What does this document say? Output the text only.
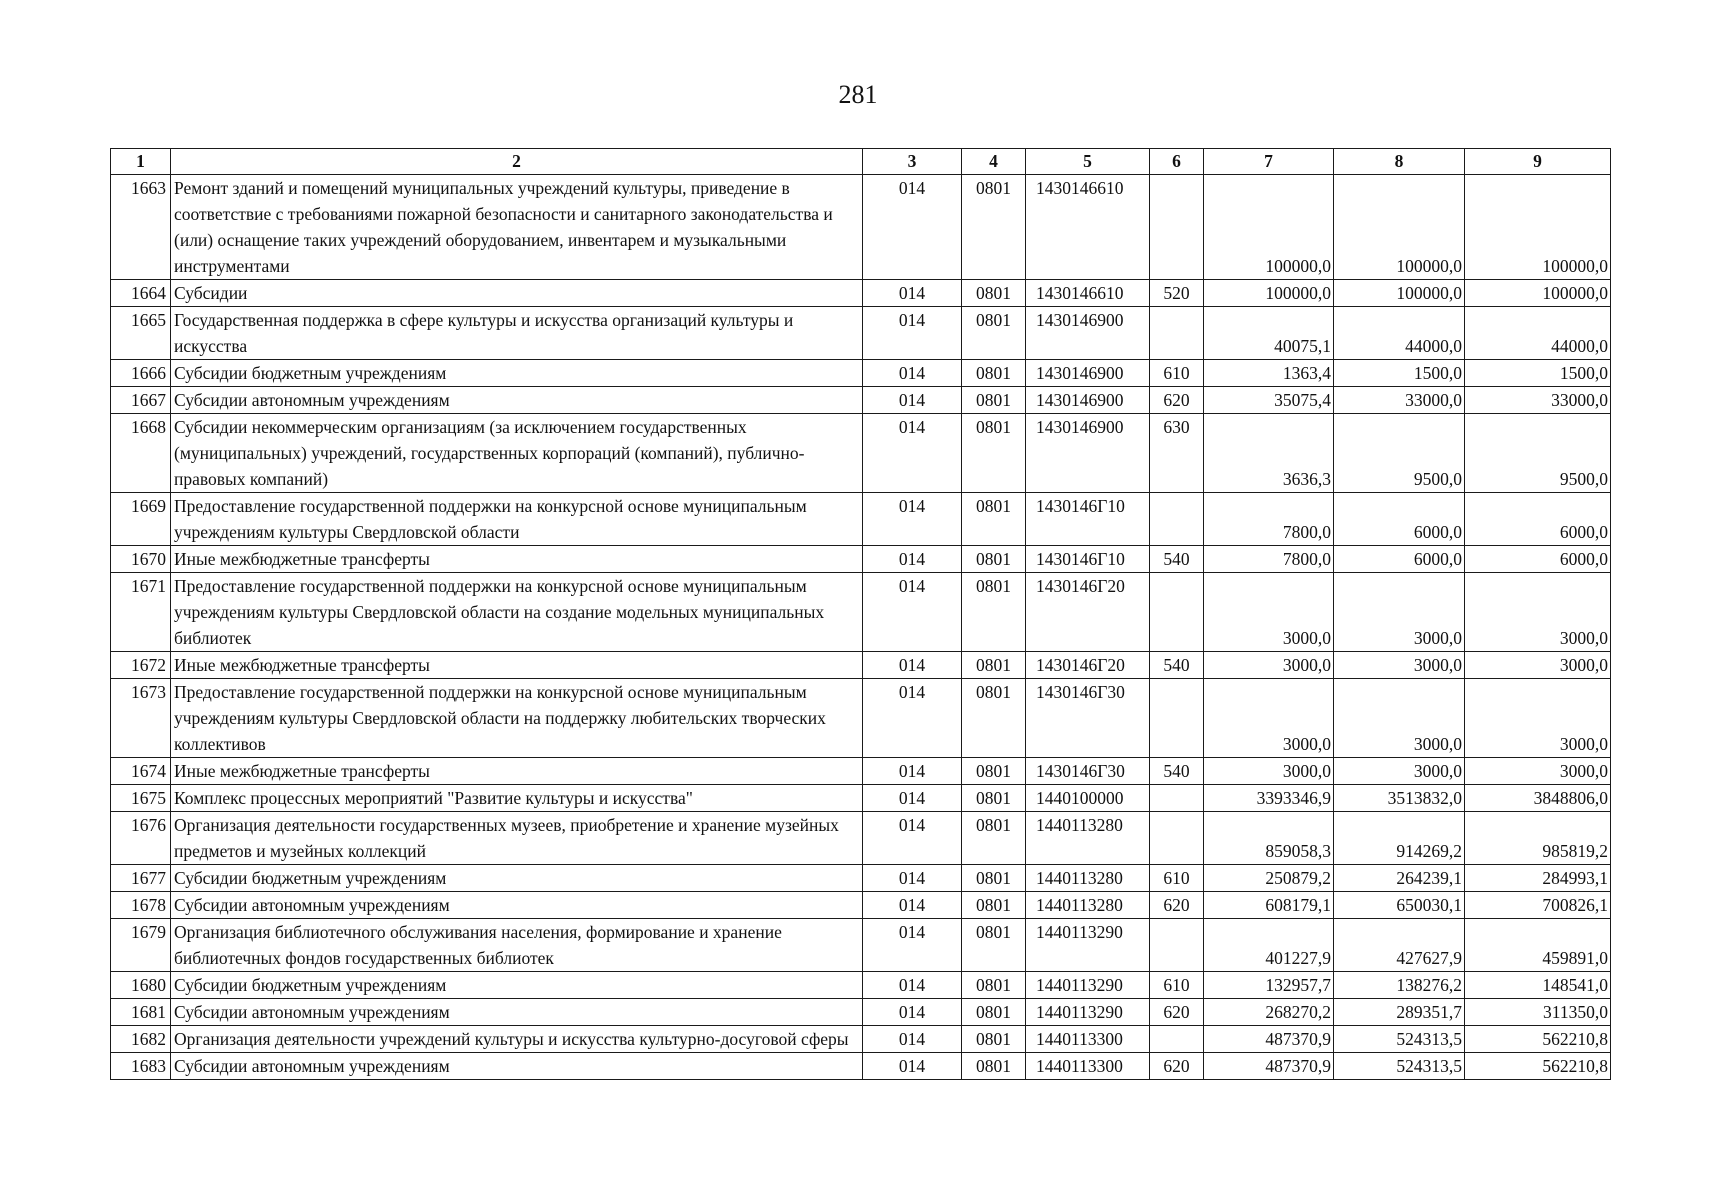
281
1	2	3	4	5	6	7	8	9
1663	Ремонт зданий и помещений муниципальных учреждений культуры, приведение в соответствие с требованиями пожарной безопасности и санитарного законодательства и (или) оснащение таких учреждений оборудованием, инвентарем и музыкальными инструментами	014	0801	1430146610		100000,0	100000,0	100000,0
1664	Субсидии	014	0801	1430146610	520	100000,0	100000,0	100000,0
1665	Государственная поддержка в сфере культуры и искусства организаций культуры и искусства	014	0801	1430146900		40075,1	44000,0	44000,0
1666	Субсидии бюджетным учреждениям	014	0801	1430146900	610	1363,4	1500,0	1500,0
1667	Субсидии автономным учреждениям	014	0801	1430146900	620	35075,4	33000,0	33000,0
1668	Субсидии некоммерческим организациям (за исключением государственных (муниципальных) учреждений, государственных корпораций (компаний), публично-правовых компаний)	014	0801	1430146900	630	3636,3	9500,0	9500,0
1669	Предоставление государственной поддержки на конкурсной основе муниципальным учреждениям культуры Свердловской области	014	0801	1430146Г10		7800,0	6000,0	6000,0
1670	Иные межбюджетные трансферты	014	0801	1430146Г10	540	7800,0	6000,0	6000,0
1671	Предоставление государственной поддержки на конкурсной основе муниципальным учреждениям культуры Свердловской области на создание модельных муниципальных библиотек	014	0801	1430146Г20		3000,0	3000,0	3000,0
1672	Иные межбюджетные трансферты	014	0801	1430146Г20	540	3000,0	3000,0	3000,0
1673	Предоставление государственной поддержки на конкурсной основе муниципальным учреждениям культуры Свердловской области на поддержку любительских творческих коллективов	014	0801	1430146Г30		3000,0	3000,0	3000,0
1674	Иные межбюджетные трансферты	014	0801	1430146Г30	540	3000,0	3000,0	3000,0
1675	Комплекс процессных мероприятий "Развитие культуры и искусства"	014	0801	1440100000		3393346,9	3513832,0	3848806,0
1676	Организация деятельности государственных музеев, приобретение и хранение музейных предметов и музейных коллекций	014	0801	1440113280		859058,3	914269,2	985819,2
1677	Субсидии бюджетным учреждениям	014	0801	1440113280	610	250879,2	264239,1	284993,1
1678	Субсидии автономным учреждениям	014	0801	1440113280	620	608179,1	650030,1	700826,1
1679	Организация библиотечного обслуживания населения, формирование и хранение библиотечных фондов государственных библиотек	014	0801	1440113290		401227,9	427627,9	459891,0
1680	Субсидии бюджетным учреждениям	014	0801	1440113290	610	132957,7	138276,2	148541,0
1681	Субсидии автономным учреждениям	014	0801	1440113290	620	268270,2	289351,7	311350,0
1682	Организация деятельности учреждений культуры и искусства культурно-досуговой сферы	014	0801	1440113300		487370,9	524313,5	562210,8
1683	Субсидии автономным учреждениям	014	0801	1440113300	620	487370,9	524313,5	562210,8
